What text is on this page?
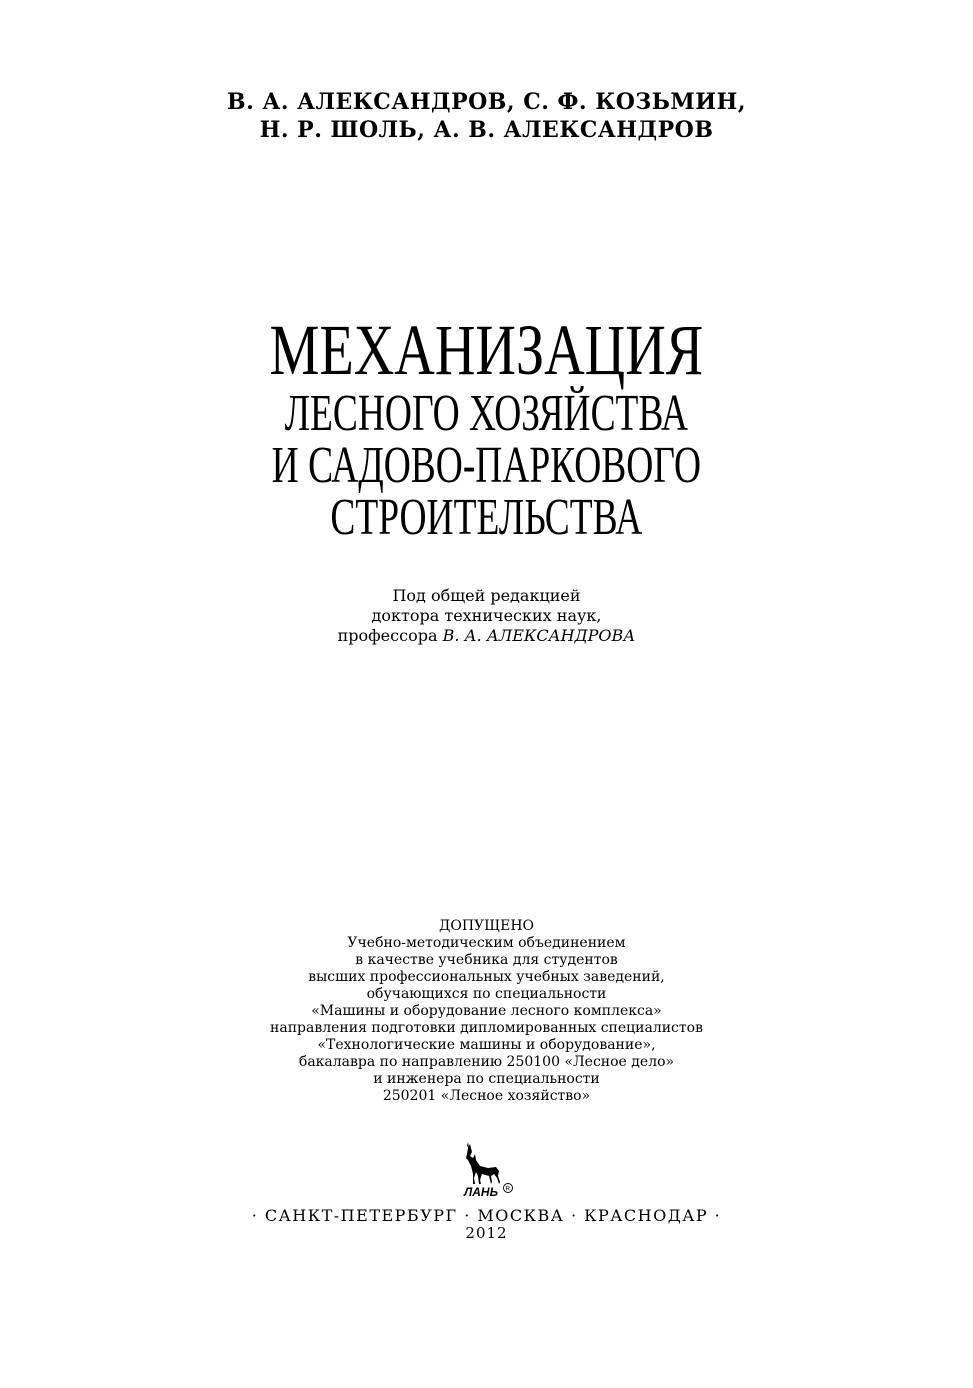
В. А. АЛЕКСАНДРОВ, С. Ф. КОЗЬМИН,
Н. Р. ШОЛЬ, А. В. АЛЕКСАНДРОВ
МЕХАНИЗАЦИЯ
ЛЕСНОГО ХОЗЯЙСТВА
И САДОВО-ПАРКОВОГО
СТРОИТЕЛЬСТВА
Под общей редакцией
доктора технических наук,
профессора В. А. АЛЕКСАНДРОВА
ДОПУЩЕНО
Учебно-методическим объединением
в качестве учебника для студентов
высших профессиональных учебных заведений,
обучающихся по специальности
«Машины и оборудование лесного комплекса»
направления подготовки дипломированных специалистов
«Технологические машины и оборудование»,
бакалавра по направлению 250100 «Лесное дело»
и инженера по специальности
250201 «Лесное хозяйство»
ЛАНЬ R
· САНКТ-ПЕТЕРБУРГ · МОСКВА · КРАСНОДАР ·
2012
